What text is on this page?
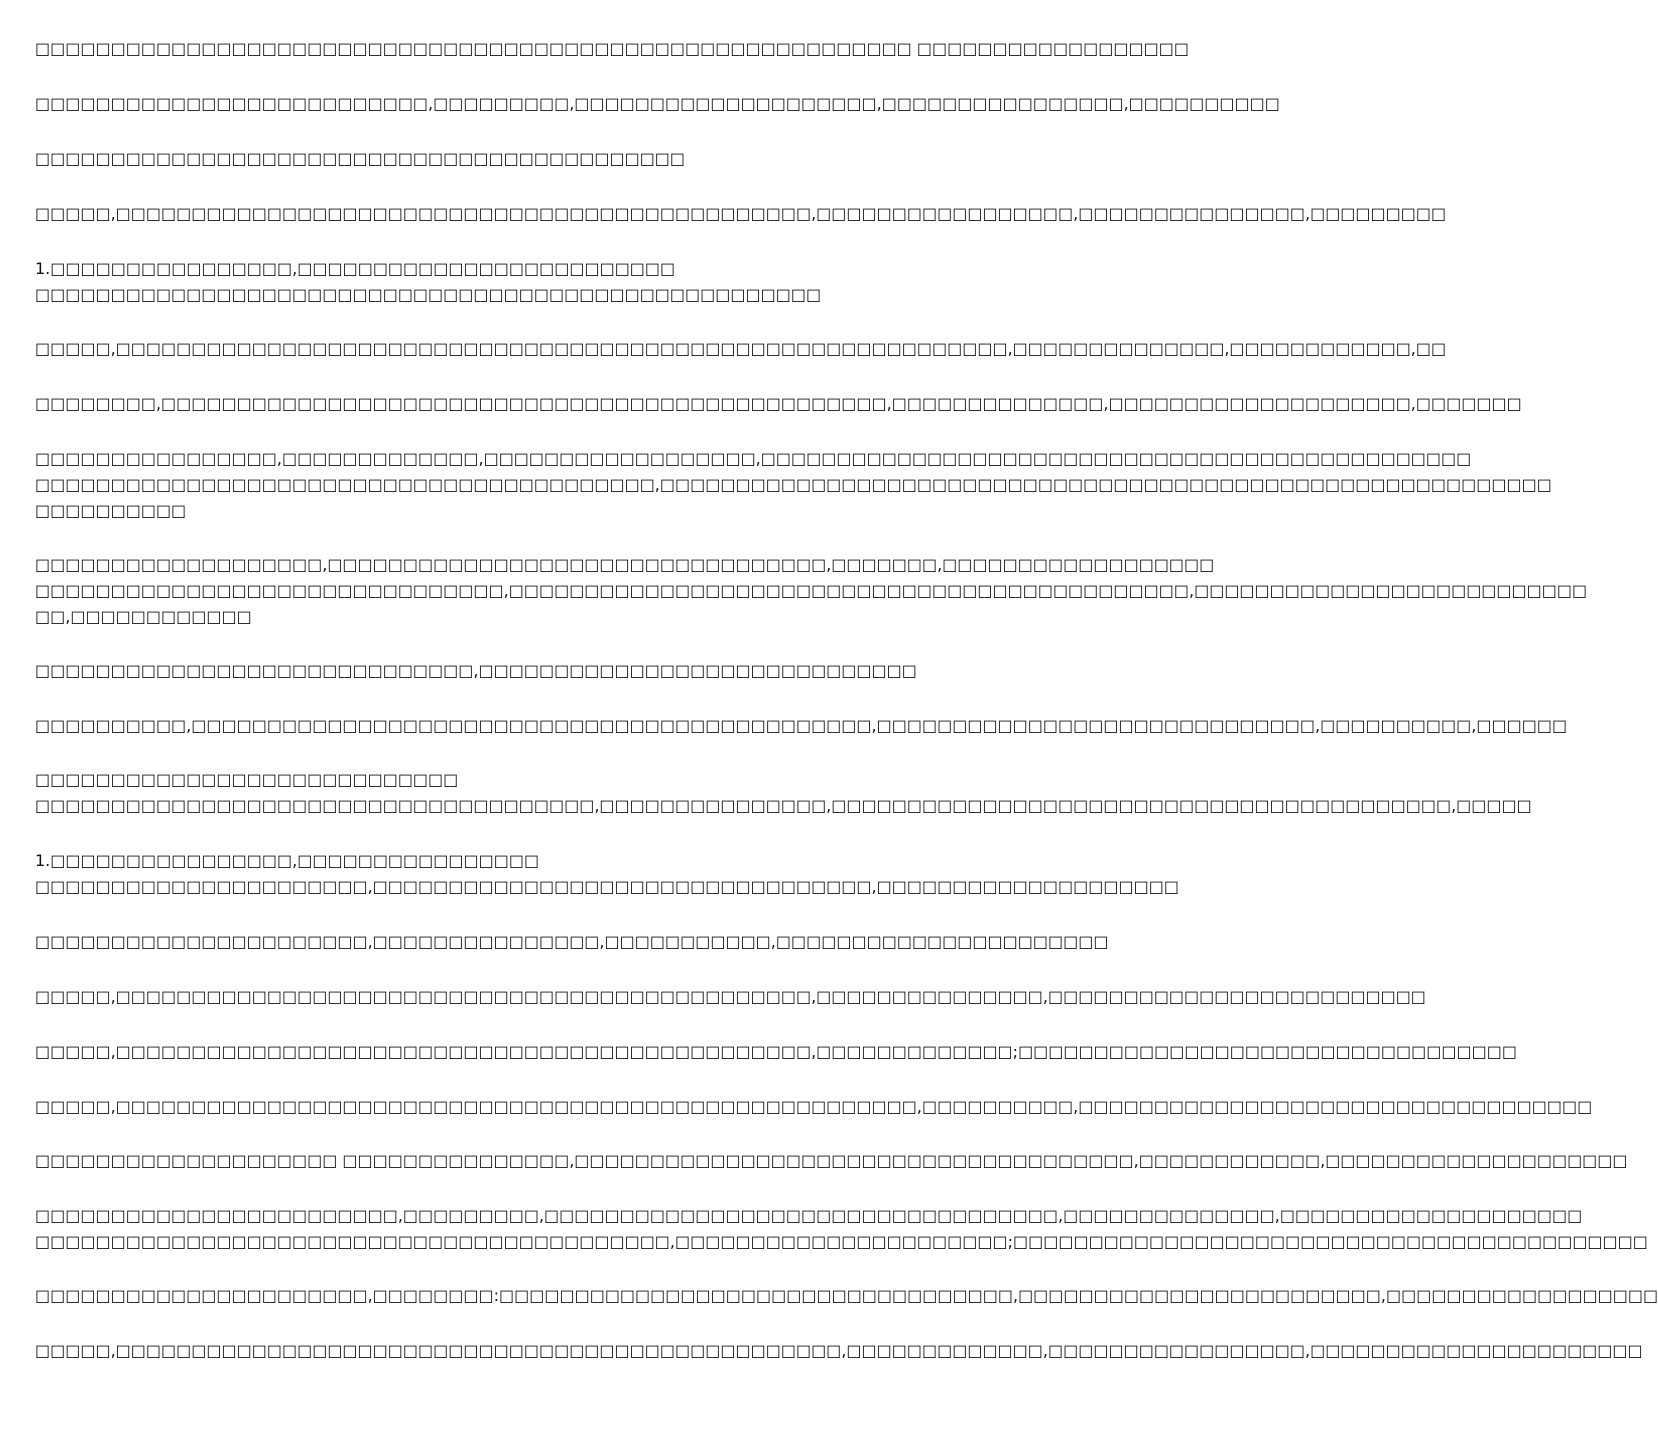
□□□□□□□□□□□□□□□□□□□□□□□□□□□□□□□□□□□□□□□□□□□□□□□□□□□□□□□□□□ □□□□□□□□□□□□□□□□□□
□□□□□□□□□□□□□□□□□□□□□□□□□□,□□□□□□□□□,□□□□□□□□□□□□□□□□□□□□,□□□□□□□□□□□□□□□□,□□□□□□□□□□
□□□□□□□□□□□□□□□□□□□□□□□□□□□□□□□□□□□□□□□□□□□
□□□□□,□□□□□□□□□□□□□□□□□□□□□□□□□□□□□□□□□□□□□□□□□□□□□□,□□□□□□□□□□□□□□□□□,□□□□□□□□□□□□□□□,□□□□□□□□□
1.□□□□□□□□□□□□□□□□,□□□□□□□□□□□□□□□□□□□□□□□□□
□□□□□□□□□□□□□□□□□□□□□□□□□□□□□□□□□□□□□□□□□□□□□□□□□□□□
□□□□□,□□□□□□□□□□□□□□□□□□□□□□□□□□□□□□□□□□□□□□□□□□□□□□□□□□□□□□□□□□□,□□□□□□□□□□□□□□,□□□□□□□□□□□□,□□
□□□□□□□□,□□□□□□□□□□□□□□□□□□□□□□□□□□□□□□□□□□□□□□□□□□□□□□□□,□□□□□□□□□□□□□□,□□□□□□□□□□□□□□□□□□□□,□□□□□□□
□□□□□□□□□□□□□□□□,□□□□□□□□□□□□□,□□□□□□□□□□□□□□□□□□,□□□□□□□□□□□□□□□□□□□□□□□□□□□□□□□□□□□□□□□□□□□□□□□
□□□□□□□□□□□□□□□□□□□□□□□□□□□□□□□□□□□□□□□□□,□□□□□□□□□□□□□□□□□□□□□□□□□□□□□□□□□□□□□□□□□□□□□□□□□□□□□□□□□□□
□□□□□□□□□□
□□□□□□□□□□□□□□□□□□□,□□□□□□□□□□□□□□□□□□□□□□□□□□□□□□□□□,□□□□□□□,□□□□□□□□□□□□□□□□□□
□□□□□□□□□□□□□□□□□□□□□□□□□□□□□□□,□□□□□□□□□□□□□□□□□□□□□□□□□□□□□□□□□□□□□□□□□□□□□,□□□□□□□□□□□□□□□□□□□□□□□□□□
□□,□□□□□□□□□□□□
□□□□□□□□□□□□□□□□□□□□□□□□□□□□□,□□□□□□□□□□□□□□□□□□□□□□□□□□□□□
□□□□□□□□□□,□□□□□□□□□□□□□□□□□□□□□□□□□□□□□□□□□□□□□□□□□□□□□,□□□□□□□□□□□□□□□□□□□□□□□□□□□□□,□□□□□□□□□□,□□□□□□
□□□□□□□□□□□□□□□□□□□□□□□□□□□□
□□□□□□□□□□□□□□□□□□□□□□□□□□□□□□□□□□□□□,□□□□□□□□□□□□□□□,□□□□□□□□□□□□□□□□□□□□□□□□□□□□□□□□□□□□□□□□□,□□□□□
1.□□□□□□□□□□□□□□□□,□□□□□□□□□□□□□□□□
□□□□□□□□□□□□□□□□□□□□□□,□□□□□□□□□□□□□□□□□□□□□□□□□□□□□□□□□,□□□□□□□□□□□□□□□□□□□□
□□□□□□□□□□□□□□□□□□□□□□,□□□□□□□□□□□□□□□,□□□□□□□□□□□,□□□□□□□□□□□□□□□□□□□□□□
□□□□□,□□□□□□□□□□□□□□□□□□□□□□□□□□□□□□□□□□□□□□□□□□□□□□,□□□□□□□□□□□□□□□,□□□□□□□□□□□□□□□□□□□□□□□□□
□□□□□,□□□□□□□□□□□□□□□□□□□□□□□□□□□□□□□□□□□□□□□□□□□□□□,□□□□□□□□□□□□□;□□□□□□□□□□□□□□□□□□□□□□□□□□□□□□□□□
□□□□□,□□□□□□□□□□□□□□□□□□□□□□□□□□□□□□□□□□□□□□□□□□□□□□□□□□□□□,□□□□□□□□□□,□□□□□□□□□□□□□□□□□□□□□□□□□□□□□□□□□□
□□□□□□□□□□□□□□□□□□□□ □□□□□□□□□□□□□□□,□□□□□□□□□□□□□□□□□□□□□□□□□□□□□□□□□□□□□,□□□□□□□□□□□□,□□□□□□□□□□□□□□□□□□□□
□□□□□□□□□□□□□□□□□□□□□□□□,□□□□□□□□□,□□□□□□□□□□□□□□□□□□□□□□□□□□□□□□□□□□,□□□□□□□□□□□□□□,□□□□□□□□□□□□□□□□□□□□
□□□□□□□□□□□□□□□□□□□□□□□□□□□□□□□□□□□□□□□□□□,□□□□□□□□□□□□□□□□□□□□□□;□□□□□□□□□□□□□□□□□□□□□□□□□□□□□□□□□□□□□□□□□□
□□□□□□□□□□□□□□□□□□□□□□,□□□□□□□□:□□□□□□□□□□□□□□□□□□□□□□□□□□□□□□□□□□,□□□□□□□□□□□□□□□□□□□□□□□□,□□□□□□□□□□□□□□□□□□
□□□□□,□□□□□□□□□□□□□□□□□□□□□□□□□□□□□□□□□□□□□□□□□□□□□□□□,□□□□□□□□□□□□□,□□□□□□□□□□□□□□□□□,□□□□□□□□□□□□□□□□□□□□□□
